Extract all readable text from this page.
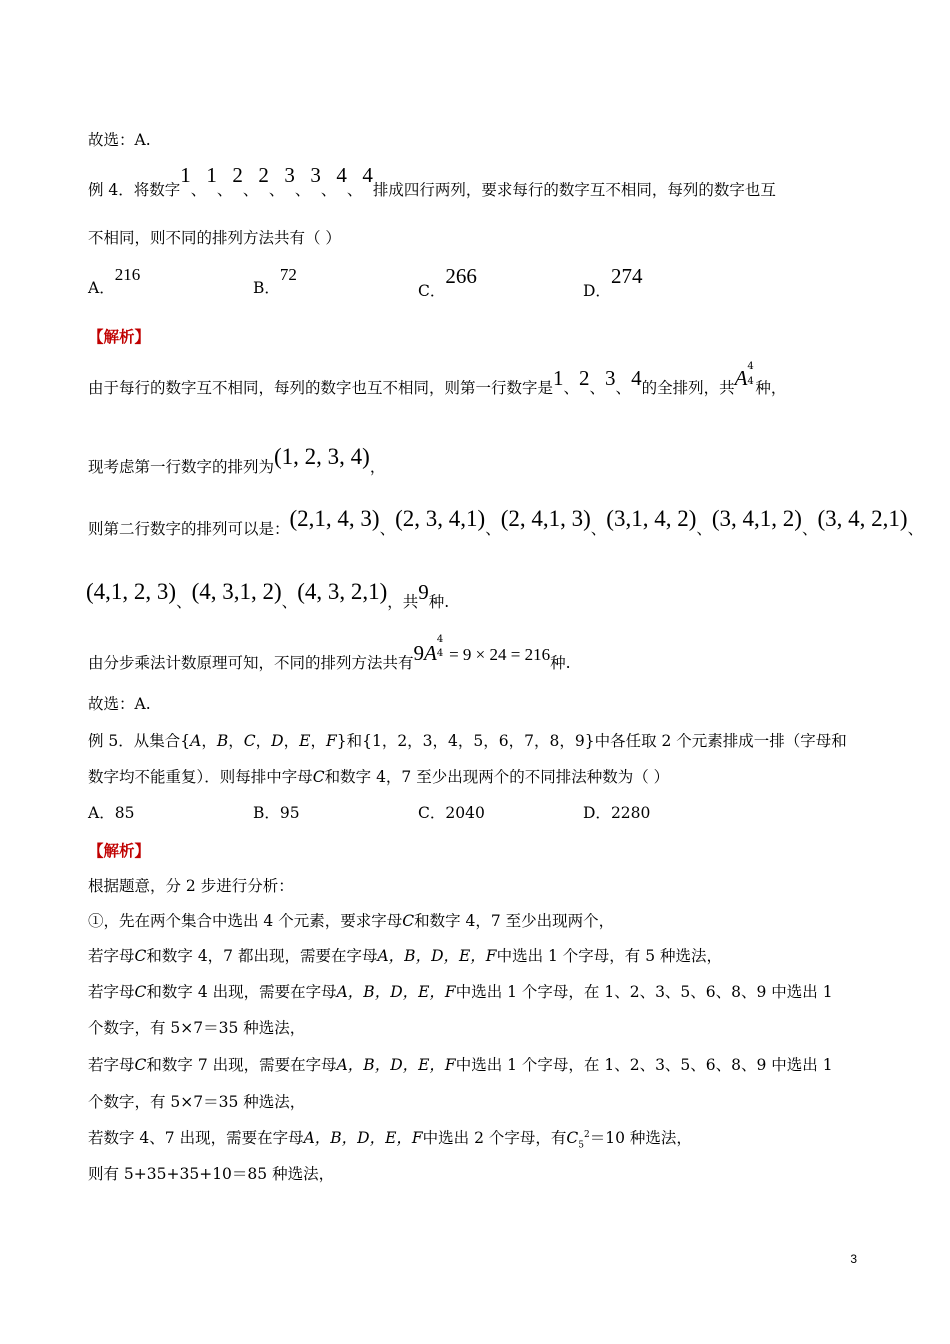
故选：A.
例 4．将数字1、1、2、2、3、3、4、4排成四行两列，要求每行的数字互不相同，每列的数字也互
不相同，则不同的排列方法共有（ ）
A．216
B．72
C．266
D．274
【解析】
由于每行的数字互不相同，每列的数字也互不相同，则第一行数字是1、2、3、4的全排列，共A 4
4 种，
现考虑第一行数字的排列为(1, 2, 3, 4)，
则第二行数字的排列可以是：(2,1, 4, 3)、(2, 3, 4,1)、(2, 4,1, 3)、(3,1, 4, 2)、(3, 4,1, 2)、(3, 4, 2,1)、
(4,1, 2, 3)、(4, 3,1, 2)、(4, 3, 2,1)，共9种.
由分步乘法计数原理可知，不同的排列方法共有9A
4
4 = 9 × 24 = 216种.
故选：A.
例 5．从集合{A，B，C，D，E，F}和{1，2，3，4，5，6，7，8，9}中各任取 2 个元素排成一排（字母和
数字均不能重复）．则每排中字母C和数字 4，7 至少出现两个的不同排法种数为（ ）
A．85	B．95	C．2040	D．2280
【解析】
根据题意，分 2 步进行分析：
①，先在两个集合中选出 4 个元素，要求字母C和数字 4，7 至少出现两个，
若字母C和数字 4，7 都出现，需要在字母A，B，D，E，F中选出 1 个字母，有 5 种选法，
若字母C和数字 4 出现，需要在字母A，B，D，E，F中选出 1 个字母，在 1、2、3、5、6、8、9 中选出 1
个数字，有 5×7＝35 种选法，
若字母C和数字 7 出现，需要在字母A，B，D，E，F中选出 1 个字母，在 1、2、3、5、6、8、9 中选出 1
个数字，有 5×7＝35 种选法，
若数字 4、7 出现，需要在字母A，B，D，E，F中选出 2 个字母，有$C_5^2=10$ 种选法，
则有 5+35+35+10＝85 种选法，
3
